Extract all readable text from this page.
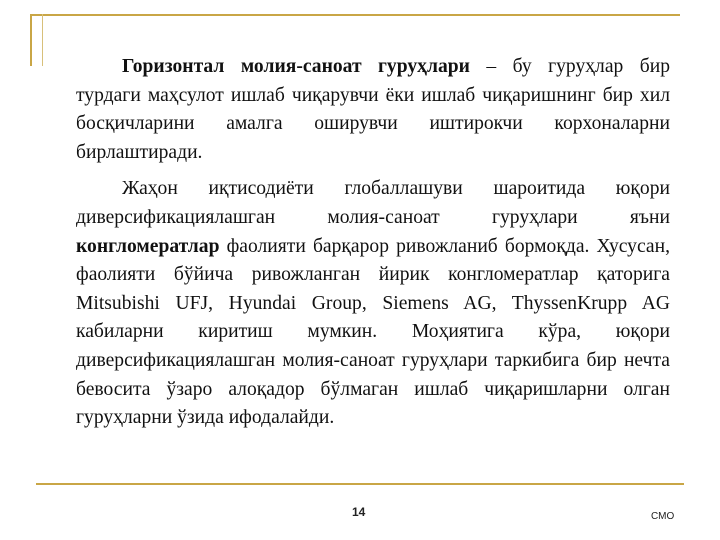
Горизонтал молия-саноат гуруҳлари – бу гуруҳлар бир турдаги маҳсулот ишлаб чиқарувчи ёки ишлаб чиқаришнинг бир хил босқичларини амалга оширувчи иштирокчи корхоналарни бирлаштиради.

Жаҳон иқтисодиёти глобаллашуви шароитида юқори диверсификациялашган молия-саноат гуруҳлари яъни конгломератлар фаолияти барқарор ривожланиб бормоқда. Хусусан, фаолияти бўйича ривожланган йирик конгломератлар қаторига Mitsubishi UFJ, Hyundai Group, Siemens AG, ThyssenKrupp AG кабиларни киритиш мумкин. Моҳиятига кўра, юқори диверсификациялашган молия-саноат гуруҳлари таркибига бир нечта бевосита ўзаро алоқадор бўлмаган ишлаб чиқаришларни олган гуруҳларни ўзида ифодалайди.

14	СМО
